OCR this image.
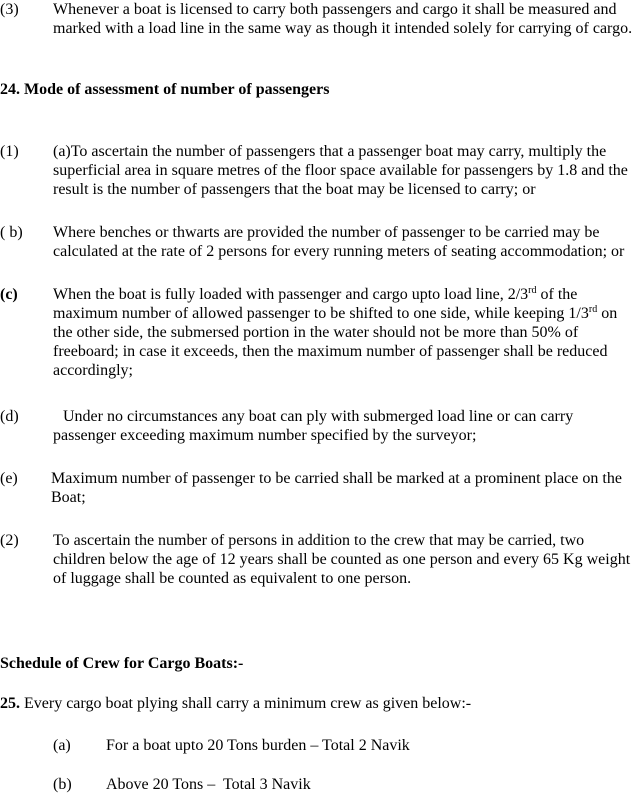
(3) Whenever a boat is licensed to carry both passengers and cargo it shall be measured and marked with a load line in the same way as though it intended solely for carrying of cargo.
24. Mode of assessment of number of passengers
(1) (a)To ascertain the number of passengers that a passenger boat may carry, multiply the superficial area in square metres of the floor space available for passengers by 1.8 and the result is the number of passengers that the boat may be licensed to carry; or
( b) Where benches or thwarts are provided the number of passenger to be carried may be calculated at the rate of 2 persons for every running meters of seating accommodation; or
(c) When the boat is fully loaded with passenger and cargo upto load line, 2/3rd of the maximum number of allowed passenger to be shifted to one side, while keeping 1/3rd on the other side, the submersed portion in the water should not be more than 50% of freeboard; in case it exceeds, then the maximum number of passenger shall be reduced accordingly;
(d)	Under no circumstances any boat can ply with submerged load line or can carry passenger exceeding maximum number specified by the surveyor;
(e) Maximum number of passenger to be carried shall be marked at a prominent place on the Boat;
(2) To ascertain the number of persons in addition to the crew that may be carried, two children below the age of 12 years shall be counted as one person and every 65 Kg weight of luggage shall be counted as equivalent to one person.
Schedule of Crew for Cargo Boats:-
25. Every cargo boat plying shall carry a minimum crew as given below:-
(a) For a boat upto 20 Tons burden – Total 2 Navik
(b) Above 20 Tons –  Total 3 Navik
